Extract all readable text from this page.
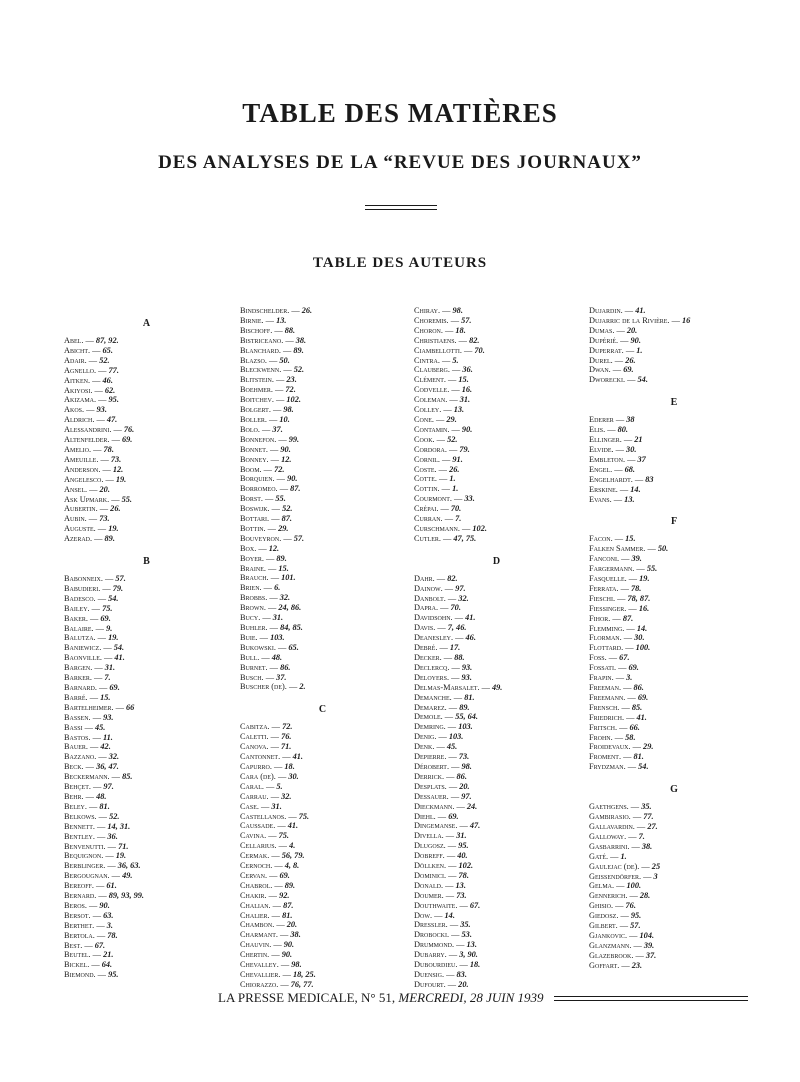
TABLE DES MATIÈRES
DES ANALYSES DE LA “REVUE DES JOURNAUX”
TABLE DES AUTEURS
A
Abel. — 87, 92.
Abicht. — 65.
Adair. — 52.
Agnello. — 77.
Aitken. — 46.
Akiyosi. — 62.
Akizama. — 95.
Akos. — 93.
Aldrich. — 47.
Alessandrini. — 76.
Altenfelder. — 69.
Amelio. — 78.
Ameuille. — 73.
Anderson. — 12.
Angelesco. — 19.
Ansel. — 20.
Ask Upmark. — 55.
Aubertin. — 26.
Aubin. — 73.
Auguste. — 19.
Azerad. — 89.
B
Babonneix. — 57.
Babudieri. — 79.
Badesco. — 54.
Bailey. — 75.
Baker. — 69.
Balaire. — 9.
Balutza. — 19.
Baniewicz. — 54.
Baonville. — 41.
Bargen. — 31.
Barker. — 7.
Barnard. — 69.
Barré. — 15.
Bartelheimer. — 66
Bassen. — 93.
Bassi — 45.
Bastos. — 11.
Bauer. — 42.
Bazzano. — 32.
Beck. — 36, 47.
Beckermann. — 85.
Behçet. — 97.
Behr. — 48.
Beley. — 81.
Belkows. — 52.
Bennett. — 14, 31.
Bentley. — 36.
Benvenutti. — 71.
Bequignon. — 19.
Berblinger. — 36, 63.
Bergougnan. — 49.
Bereoff. — 61.
Bernard. — 89, 93, 99.
Beros. — 90.
Bersot. — 63.
Berthet. — 3.
Bertola. — 78.
Best. — 67.
Beutel. — 21.
Bickel. — 64.
Biemond. — 95.
Bindschelder. — 26.
Birnie. — 13.
Bischoff. — 88.
Bistriceano. — 38.
Blanchard. — 89.
Blazso. — 50.
Bleckwenn. — 52.
Blitstein. — 23.
Boehmer. — 72.
Boitchev. — 102.
Bolgert. — 98.
Boller. — 10.
Bolo. — 37.
Bonnefon. — 99.
Bonnet. — 90.
Bonney. — 12.
Boom. — 72.
Borquien. — 90.
Borromeo. — 87.
Borst. — 55.
Boswijk. — 52.
Bottari. — 87.
Bottin. — 29.
Bouveyron. — 57.
Box. — 12.
Boyer. — 89.
Braine. — 15.
Brauch. — 101.
Brien. — 6.
Brobbs. — 32.
Brown. — 24, 86.
Bucy. — 31.
Buhler. — 84, 85.
Buie. — 103.
Bukowski. — 65.
Bull. — 48.
Burnet. — 86.
Busch. — 37.
Buscher (de). — 2.
C
Cabitza. — 72.
Caletti. — 76.
Canova. — 71.
Cantonnet. — 41.
Capurro. — 18.
Cara (de). — 30.
Caral. — 5.
Carrau. — 32.
Case. — 31.
Castellanos. — 75.
Caussade. — 41.
Cavina. — 75.
Cellarius. — 4.
Cermak. — 56, 79.
Cernoch. — 4, 8.
Cervan. — 69.
Chabrol. — 89.
Chakir. — 92.
Chalian. — 87.
Chalier. — 81.
Chambon. — 20.
Charmant. — 38.
Chauvin. — 90.
Chertin. — 90.
Chevalley. — 98.
Chevallier. — 18, 25.
Chiorazzo. — 76, 77.
Chiray. — 98.
Choremis. — 57.
Choron. — 18.
Christiaens. — 82.
Ciambellotti. — 70.
Cintra. — 5.
Clauberg. — 36.
Clément. — 15.
Codvelle. — 16.
Coleman. — 31.
Colley. — 13.
Cone. — 29.
Contamin. — 90.
Cook. — 52.
Cordora. — 79.
Cornil. — 91.
Coste. — 26.
Cotte. — 1.
Cottin. — 1.
Courmont. — 33.
Crépai. — 70.
Curran. — 7.
Curschmann. — 102.
Cutler. — 47, 75.
D
Dahr. — 82.
Dainow. — 97.
Danbolt. — 32.
Dapra. — 70.
Davidsohn. — 41.
Davis. — 7, 46.
Deanesley. — 46.
Debré. — 17.
Decker. — 88.
Declercq. — 93.
Deloyers. — 93.
Delmas-Marsalet. — 49.
Demanche. — 81.
Demarez. — 89.
Demole. — 55, 64.
Demring. — 103.
Denig. — 103.
Denk. — 45.
Depierre. — 73.
Dérobert. — 98.
Derrick. — 86.
Desplats. — 20.
Dessauer. — 97.
Dieckmann. — 24.
Diehl. — 69.
Dingemanse. — 47.
Divella. — 31.
Dlugosz. — 95.
Dobreff. — 40.
Döllken. — 102.
Dominici. — 78.
Donald. — 13.
Doumer. — 73.
Douthwaite. — 67.
Dow. — 14.
Dressler. — 35.
Drobocki. — 53.
Drummond. — 13.
Dubarry. — 3, 90.
Dubourdieu. — 18.
Duensig. — 83.
Dufourt. — 20.
Dujardin. — 41.
Dujarric de la Rivière. — 16
Dumas. — 20.
Dupérié. — 90.
Duperrat. — 1.
Durel. — 26.
Dwan. — 69.
Dworecki. — 54.
E
Ederer — 38
Elis. — 80.
Ellinger. — 21
Elvide. — 30.
Embleton. — 37
Engel. — 68.
Engelhardt. — 83
Erskine. — 14.
Evans. — 13.
F
Facon. — 15.
Falken Sammer. — 50.
Fanconi. — 39.
Fargermann. — 55.
Fasquelle. — 19.
Ferrata. — 78.
Fieschi. — 78, 87.
Fiessinger. — 16.
Fihor. — 87.
Flemming. — 14.
Florman. — 30.
Flottard. — 100.
Foss. — 67.
Fossati. — 69.
Frapin. — 3.
Freeman. — 86.
Freemann. — 69.
Frensch. — 85.
Friedrich. — 41.
Fritsch. — 66.
Frohn. — 58.
Froidevaux. — 29.
Froment. — 81.
Frydzman. — 54.
G
Gaethgens. — 35.
Gambirasio. — 77.
Gallavardin. — 27.
Galloway. — 7.
Gasbarrini. — 38.
Gaté. — 1.
Gaulejac (de). — 25
Geissendörfer. — 3
Gelma. — 100.
Gennerich. — 28.
Ghisio. — 76.
Giedosz. — 95.
Gilbert. — 57.
Gjankovic. — 104.
Glanzmann. — 39.
Glazebrook. — 37.
Goffart. — 23.
LA PRESSE MEDICALE, N° 51,
MERCREDI, 28 JUIN 1939
